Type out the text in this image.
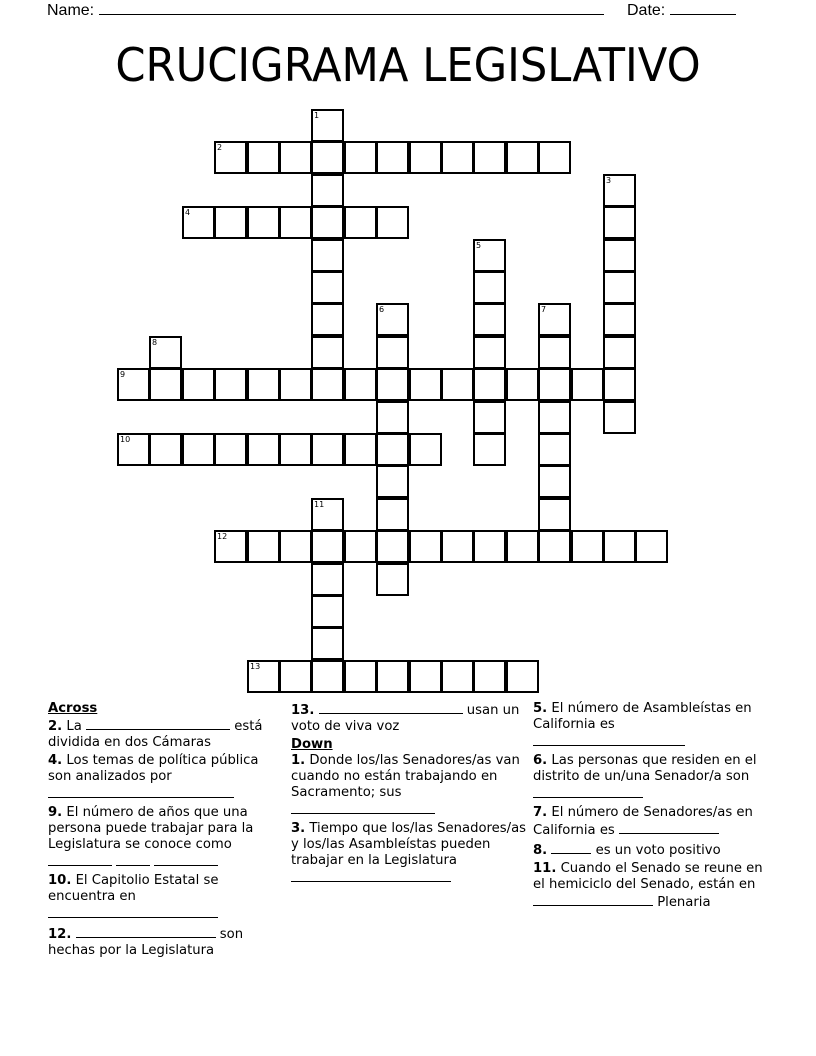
Name:	Date:
CRUCIGRAMA LEGISLATIVO
1
2
3
4
5
6	7
8
9
10
11
12
13

Across

2. La	está dividida en dos Cámaras

4. Los temas de política pública son analizados por

9. El número de años que una persona puede trabajar para la Legislatura se conoce como

10. El Capitolio Estatal se encuentra en

12.	son hechas por la Legislatura

13.	usan un voto de viva voz

Down

1. Donde los/las Senadores/as van cuando no están trabajando en Sacramento; sus

3. Tiempo que los/las Senadores/as y los/las Asambleístas pueden trabajar en la Legislatura

5. El número de Asambleístas en California es

6. Las personas que residen en el distrito de un/una Senador/a son

7. El número de Senadores/as en California es

8.	es un voto positivo

11. Cuando el Senado se reune en el hemiciclo del Senado, están en  Plenaria
